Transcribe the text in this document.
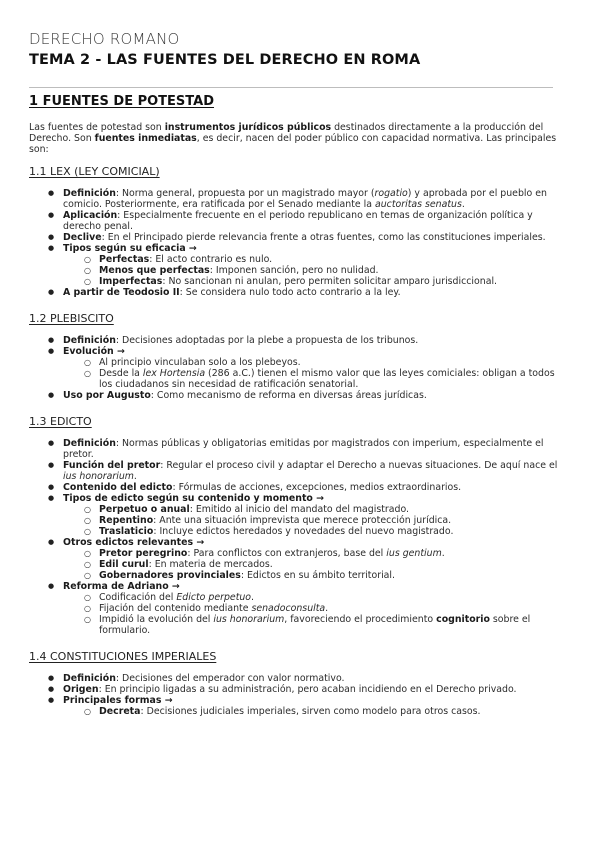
DERECHO ROMANO
TEMA 2 - LAS FUENTES DEL DERECHO EN ROMA
1 FUENTES DE POTESTAD

Las fuentes de potestad son instrumentos jurídicos públicos destinados directamente a la producción del Derecho. Son fuentes inmediatas, es decir, nacen del poder público con capacidad normativa. Las principales son:

1.1 LEX (LEY COMICIAL)
● Definición: Norma general, propuesta por un magistrado mayor (rogatio) y aprobada por el pueblo en comicio. Posteriormente, era ratificada por el Senado mediante la auctoritas senatus.
● Aplicación: Especialmente frecuente en el periodo republicano en temas de organización política y derecho penal.
● Declive: En el Principado pierde relevancia frente a otras fuentes, como las constituciones imperiales.
● Tipos según su eficacia →
○ Perfectas: El acto contrario es nulo.
○ Menos que perfectas: Imponen sanción, pero no nulidad.
○ Imperfectas: No sancionan ni anulan, pero permiten solicitar amparo jurisdiccional.
● A partir de Teodosio II: Se considera nulo todo acto contrario a la ley.
1.2 PLEBISCITO
● Definición: Decisiones adoptadas por la plebe a propuesta de los tribunos.
● Evolución →
○ Al principio vinculaban solo a los plebeyos.
○ Desde la lex Hortensia (286 a.C.) tienen el mismo valor que las leyes comiciales: obligan a todos los ciudadanos sin necesidad de ratificación senatorial.
● Uso por Augusto: Como mecanismo de reforma en diversas áreas jurídicas.
1.3 EDICTO
● Definición: Normas públicas y obligatorias emitidas por magistrados con imperium, especialmente el pretor.
● Función del pretor: Regular el proceso civil y adaptar el Derecho a nuevas situaciones. De aquí nace el ius honorarium.
● Contenido del edicto: Fórmulas de acciones, excepciones, medios extraordinarios.
● Tipos de edicto según su contenido y momento →
○ Perpetuo o anual: Emitido al inicio del mandato del magistrado.
○ Repentino: Ante una situación imprevista que merece protección jurídica.
○ Traslaticio: Incluye edictos heredados y novedades del nuevo magistrado.
● Otros edictos relevantes →
○ Pretor peregrino: Para conflictos con extranjeros, base del ius gentium.
○ Edil curul: En materia de mercados.
○ Gobernadores provinciales: Edictos en su ámbito territorial.
● Reforma de Adriano →
○ Codificación del Edicto perpetuo.
○ Fijación del contenido mediante senadoconsulta.
○ Impidió la evolución del ius honorarium, favoreciendo el procedimiento cognitorio sobre el formulario.
1.4 CONSTITUCIONES IMPERIALES
● Definición: Decisiones del emperador con valor normativo.
● Origen: En principio ligadas a su administración, pero acaban incidiendo en el Derecho privado.
● Principales formas →
○ Decreta: Decisiones judiciales imperiales, sirven como modelo para otros casos.
